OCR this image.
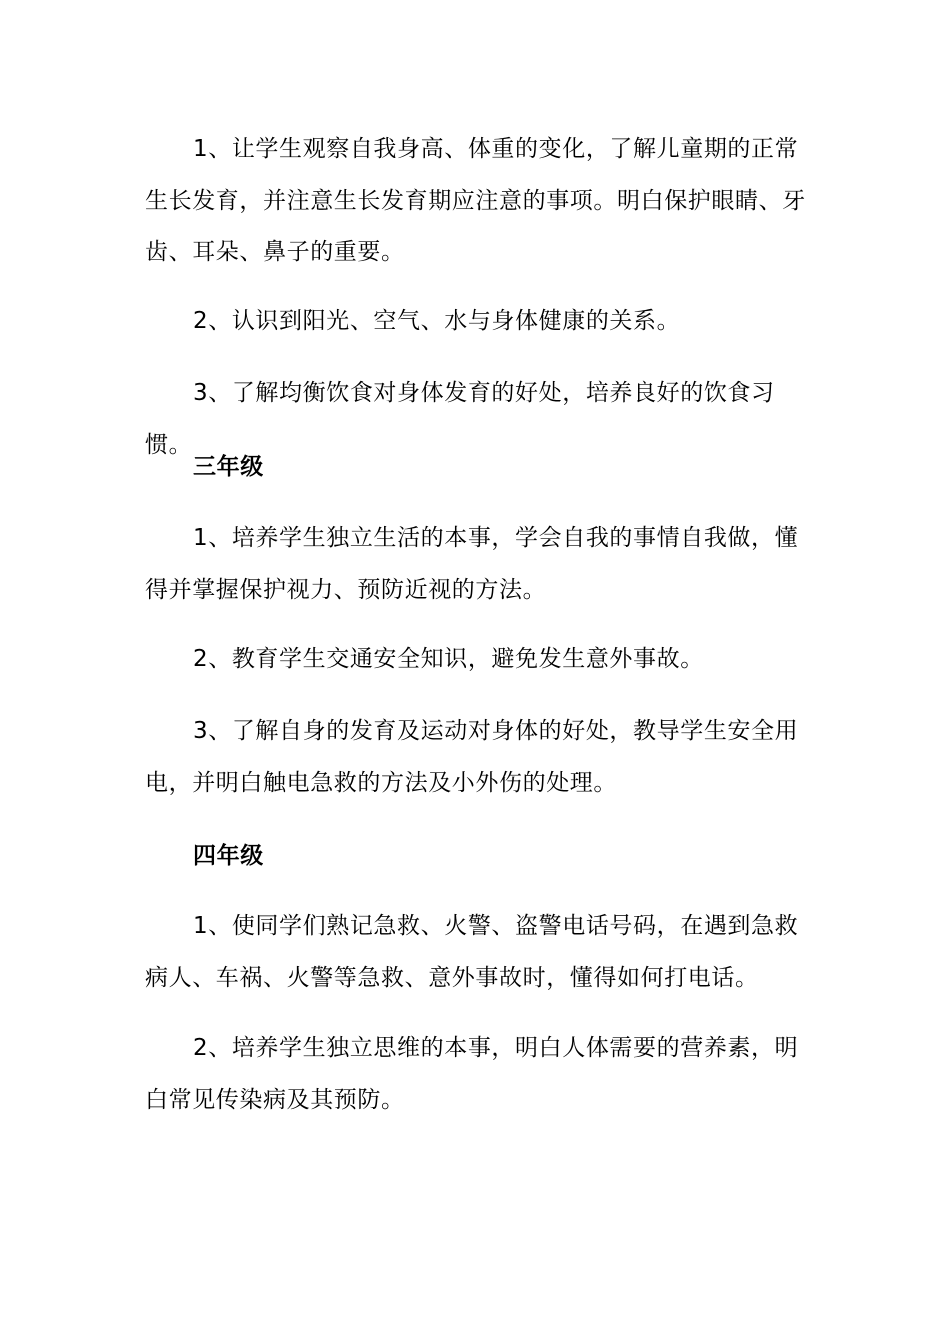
1、让学生观察自我身高、体重的变化，了解儿童期的正常生长发育，并注意生长发育期应注意的事项。明白保护眼睛、牙齿、耳朵、鼻子的重要。

2、认识到阳光、空气、水与身体健康的关系。

3、了解均衡饮食对身体发育的好处，培养良好的饮食习惯。

三年级

1、培养学生独立生活的本事，学会自我的事情自我做，懂得并掌握保护视力、预防近视的方法。

2、教育学生交通安全知识，避免发生意外事故。

3、了解自身的发育及运动对身体的好处，教导学生安全用电，并明白触电急救的方法及小外伤的处理。

四年级

1、使同学们熟记急救、火警、盗警电话号码，在遇到急救病人、车祸、火警等急救、意外事故时，懂得如何打电话。

2、培养学生独立思维的本事，明白人体需要的营养素，明白常见传染病及其预防。
